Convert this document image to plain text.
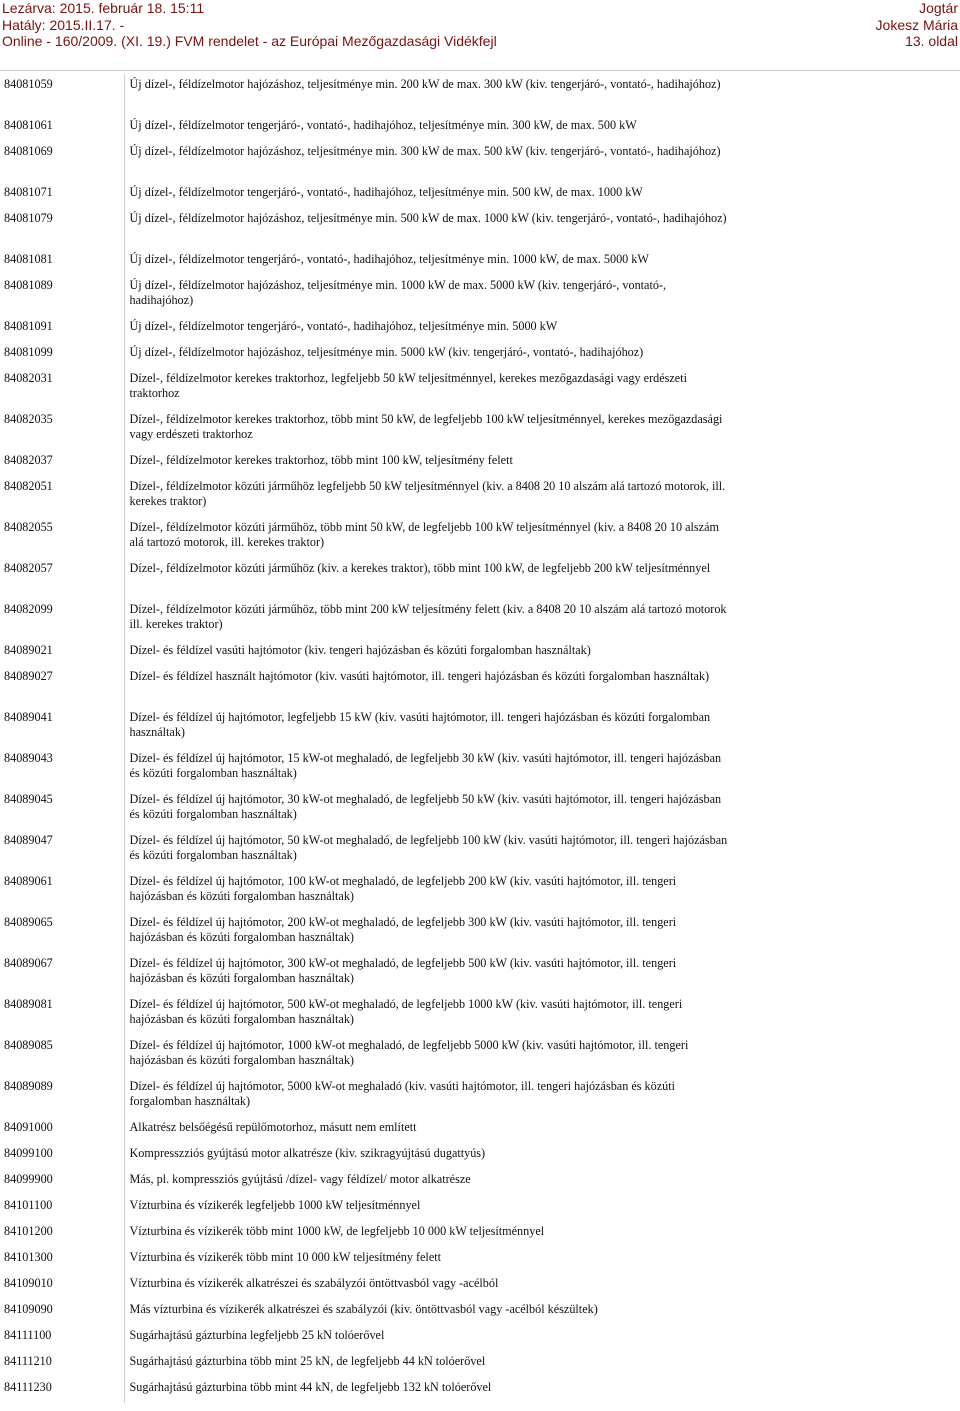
Lezárva: 2015. február 18. 15:11
Hatály: 2015.II.17. -
Online - 160/2009. (XI. 19.) FVM rendelet - az Európai Mezőgazdasági Vidékfejl
Jogtár
Jokesz Mária
13. oldal
84081059	Új dízel-, féldízelmotor hajózáshoz, teljesítménye min. 200 kW de max. 300 kW (kiv. tengerjáró-, vontató-, hadihajóhoz)
84081061	Új dízel-, féldízelmotor tengerjáró-, vontató-, hadihajóhoz, teljesítménye min. 300 kW, de max. 500 kW
84081069	Új dízel-, féldízelmotor hajózáshoz, teljesítménye min. 300 kW de max. 500 kW (kiv. tengerjáró-, vontató-, hadihajóhoz)
84081071	Új dízel-, féldízelmotor tengerjáró-, vontató-, hadihajóhoz, teljesítménye min. 500 kW, de max. 1000 kW
84081079	Új dízel-, féldízelmotor hajózáshoz, teljesítménye min. 500 kW de max. 1000 kW (kiv. tengerjáró-, vontató-, hadihajóhoz)
84081081	Új dízel-, féldízelmotor tengerjáró-, vontató-, hadihajóhoz, teljesítménye min. 1000 kW, de max. 5000 kW
84081089	Új dízel-, féldízelmotor hajózáshoz, teljesítménye min. 1000 kW de max. 5000 kW (kiv. tengerjáró-, vontató-, hadihajóhoz)
84081091	Új dízel-, féldízelmotor tengerjáró-, vontató-, hadihajóhoz, teljesítménye min. 5000 kW
84081099	Új dízel-, féldízelmotor hajózáshoz, teljesítménye min. 5000 kW (kiv. tengerjáró-, vontató-, hadihajóhoz)
84082031	Dízel-, féldízelmotor kerekes traktorhoz, legfeljebb 50 kW teljesítménnyel, kerekes mezőgazdasági vagy erdészeti traktorhoz
84082035	Dízel-, féldízelmotor kerekes traktorhoz, több mint 50 kW, de legfeljebb 100 kW teljesítménnyel, kerekes mezőgazdasági vagy erdészeti traktorhoz
84082037	Dízel-, féldízelmotor kerekes traktorhoz, több mint 100 kW, teljesítmény felett
84082051	Dízel-, féldízelmotor közúti járműhöz legfeljebb 50 kW teljesítménnyel (kiv. a 8408 20 10 alszám alá tartozó motorok, ill. kerekes traktor)
84082055	Dízel-, féldízelmotor közúti járműhöz, több mint 50 kW, de legfeljebb 100 kW teljesítménnyel (kiv. a 8408 20 10 alszám alá tartozó motorok, ill. kerekes traktor)
84082057	Dízel-, féldízelmotor közúti járműhöz (kiv. a kerekes traktor), több mint 100 kW, de legfeljebb 200 kW teljesítménnyel
84082099	Dízel-, féldízelmotor közúti járműhöz, több mint 200 kW teljesítmény felett (kiv. a 8408 20 10 alszám alá tartozó motorok ill. kerekes traktor)
84089021	Dízel- és féldízel vasúti hajtómotor (kiv. tengeri hajózásban és közúti forgalomban használtak)
84089027	Dízel- és féldízel használt hajtómotor (kiv. vasúti hajtómotor, ill. tengeri hajózásban és közúti forgalomban használtak)
84089041	Dízel- és féldízel új hajtómotor, legfeljebb 15 kW (kiv. vasúti hajtómotor, ill. tengeri hajózásban és közúti forgalomban használtak)
84089043	Dízel- és féldízel új hajtómotor, 15 kW-ot meghaladó, de legfeljebb 30 kW (kiv. vasúti hajtómotor, ill. tengeri hajózásban és közúti forgalomban használtak)
84089045	Dízel- és féldízel új hajtómotor, 30 kW-ot meghaladó, de legfeljebb 50 kW (kiv. vasúti hajtómotor, ill. tengeri hajózásban és közúti forgalomban használtak)
84089047	Dízel- és féldízel új hajtómotor, 50 kW-ot meghaladó, de legfeljebb 100 kW (kiv. vasúti hajtómotor, ill. tengeri hajózásban és közúti forgalomban használtak)
84089061	Dízel- és féldízel új hajtómotor, 100 kW-ot meghaladó, de legfeljebb 200 kW (kiv. vasúti hajtómotor, ill. tengeri hajózásban és közúti forgalomban használtak)
84089065	Dízel- és féldízel új hajtómotor, 200 kW-ot meghaladó, de legfeljebb 300 kW (kiv. vasúti hajtómotor, ill. tengeri hajózásban és közúti forgalomban használtak)
84089067	Dízel- és féldízel új hajtómotor, 300 kW-ot meghaladó, de legfeljebb 500 kW (kiv. vasúti hajtómotor, ill. tengeri hajózásban és közúti forgalomban használtak)
84089081	Dízel- és féldízel új hajtómotor, 500 kW-ot meghaladó, de legfeljebb 1000 kW (kiv. vasúti hajtómotor, ill. tengeri hajózásban és közúti forgalomban használtak)
84089085	Dízel- és féldízel új hajtómotor, 1000 kW-ot meghaladó, de legfeljebb 5000 kW (kiv. vasúti hajtómotor, ill. tengeri hajózásban és közúti forgalomban használtak)
84089089	Dízel- és féldízel új hajtómotor, 5000 kW-ot meghaladó (kiv. vasúti hajtómotor, ill. tengeri hajózásban és közúti forgalomban használtak)
84091000	Alkatrész belsőégésű repülőmotorhoz, másutt nem említett
84099100	Kompresszziós gyújtású motor alkatrésze (kiv. szikragyújtású dugattyús)
84099900	Más, pl. kompressziós gyújtású /dízel- vagy féldízel/ motor alkatrésze
84101100	Vízturbina és vízikerék legfeljebb 1000 kW teljesítménnyel
84101200	Vízturbina és vízikerék több mint 1000 kW, de legfeljebb 10 000 kW teljesítménnyel
84101300	Vízturbina és vízikerék több mint 10 000 kW teljesítmény felett
84109010	Vízturbina és vízikerék alkatrészei és szabályzói öntöttvasból vagy -acélból
84109090	Más vízturbina és vízikerék alkatrészei és szabályzói (kiv. öntöttvasból vagy -acélból készültek)
84111100	Sugárhajtású gázturbina legfeljebb 25 kN tolóerővel
84111210	Sugárhajtású gázturbina több mint 25 kN, de legfeljebb 44 kN tolóerővel
84111230	Sugárhajtású gázturbina több mint 44 kN, de legfeljebb 132 kN tolóerővel
